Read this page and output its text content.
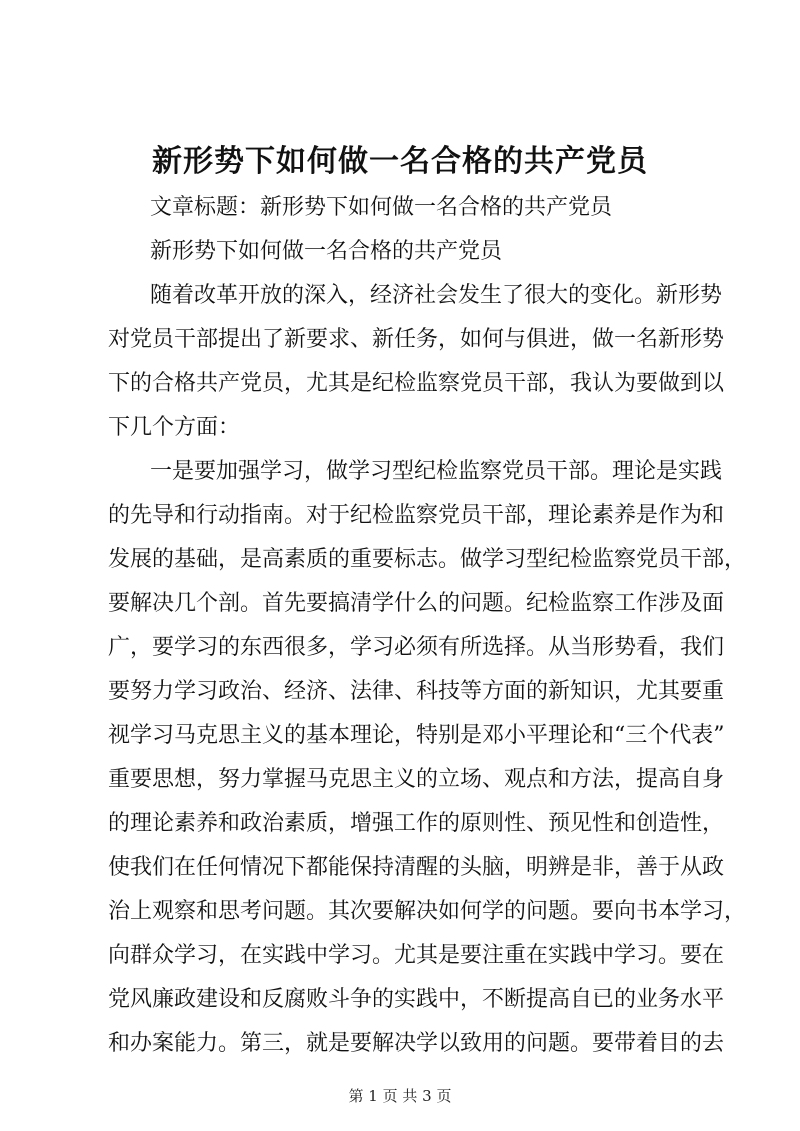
新形势下如何做一名合格的共产党员
文章标题：新形势下如何做一名合格的共产党员
新形势下如何做一名合格的共产党员
随着改革开放的深入，经济社会发生了很大的变化。新形势
对党员干部提出了新要求、新任务，如何与俱进，做一名新形势
下的合格共产党员，尤其是纪检监察党员干部，我认为要做到以
下几个方面：
一是要加强学习，做学习型纪检监察党员干部。理论是实践
的先导和行动指南。对于纪检监察党员干部，理论素养是作为和
发展的基础，是高素质的重要标志。做学习型纪检监察党员干部，
要解决几个剖。首先要搞清学什么的问题。纪检监察工作涉及面
广，要学习的东西很多，学习必须有所选择。从当形势看，我们
要努力学习政治、经济、法律、科技等方面的新知识，尤其要重
视学习马克思主义的基本理论，特别是邓小平理论和“三个代表”
重要思想，努力掌握马克思主义的立场、观点和方法，提高自身
的理论素养和政治素质，增强工作的原则性、预见性和创造性，
使我们在任何情况下都能保持清醒的头脑，明辨是非，善于从政
治上观察和思考问题。其次要解决如何学的问题。要向书本学习，
向群众学习，在实践中学习。尤其是要注重在实践中学习。要在
党风廉政建设和反腐败斗争的实践中，不断提高自已的业务水平
和办案能力。第三，就是要解决学以致用的问题。要带着目的去
第 1 页 共 3 页
